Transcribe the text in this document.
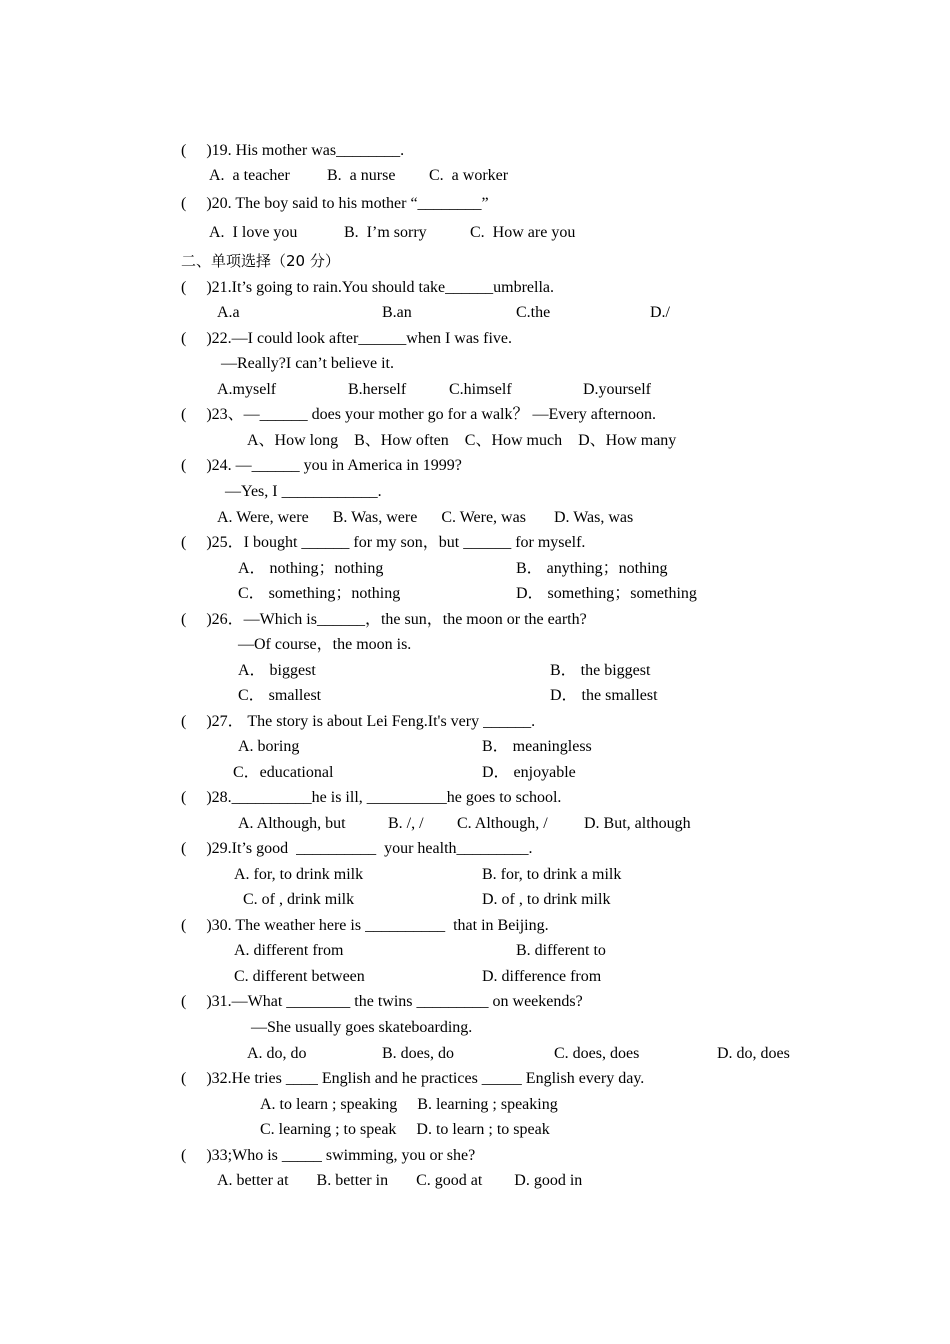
(     )19. His mother was________.
A.  a teacher B.  a nurse C.  a worker
(     )20. The boy said to his mother “________”
A.  I love you	B.  I’m sorry	C.  How are you
二、单项选择（20 分）
(     )21.It’s going to rain.You should take______umbrella.
A.a	B.an	C.the	D./
(     )22.—I could look after______when I was five.
—Really?I can’t believe it.
A.myself	B.herself	C.himself	D.yourself
(     )23、—______ does your mother go for a walk？ —Every afternoon.
A、How long    B、How often    C、How much    D、How many
(     )24. —______ you in America in 1999?
—Yes, I ____________.
A. Were, were      B. Was, were      C. Were, was       D. Was, was
(     )25．I bought ______ for my son，but ______ for myself.
A． nothing；nothing	B． anything；nothing
C． something；nothing	D． something；something
(     )26．—Which is______，the sun，the moon or the earth?
—Of course，the moon is.
A． biggest	B． the biggest
C． smallest	D． the smallest
(     )27． The story is about Lei Feng.It's very ______.
A. boring	B． meaningless
C．educational	D． enjoyable
(     )28.__________he is ill, __________he goes to school.
A. Although, but	B. /, / C. Although, / D. But, although
(     )29.It’s good  __________  your health_________.
A. for, to drink milk	B. for, to drink a milk
C. of , drink milk	D. of , to drink milk
(     )30. The weather here is __________  that in Beijing.
A. different from	B. different to
C. different between	D. difference from
(     )31.—What ________ the twins _________ on weekends?
—She usually goes skateboarding.
A. do, do	B. does, do	C. does, does	D. do, does
(     )32.He tries ____ English and he practices _____ English every day.
A. to learn ; speaking     B. learning ; speaking
C. learning ; to speak     D. to learn ; to speak
(     )33;Who is _____ swimming, you or she?
A. better at       B. better in       C. good at        D. good in
